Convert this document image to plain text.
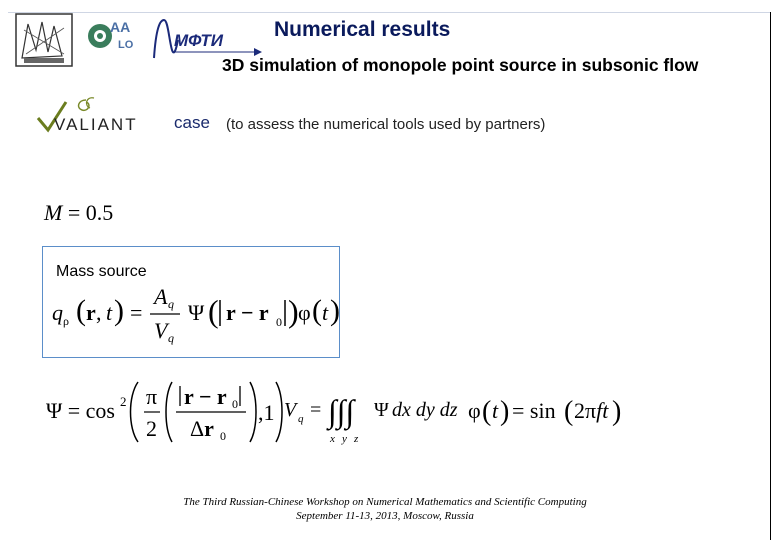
AA
LO МФТИ Numerical results
3D simulation of monopole point source in subsonic flow
VALIANT case (to assess the numerical tools used by partners)
M = 0.5
Mass source
$q_\rho$ ( r , t ) =
A q
V q
Ψ ( r − r 0 ) φ ( t )
Ψ = cos 2 π
2
r − r 0
Δr 0
,1 V q = ∫∫∫
x y z
Ψ dx dy dz φ ( t ) = sin ( 2πft )
The Third Russian-Chinese Workshop on Numerical Mathematics and Scientific Computing
September 11-13, 2013, Moscow, Russia
